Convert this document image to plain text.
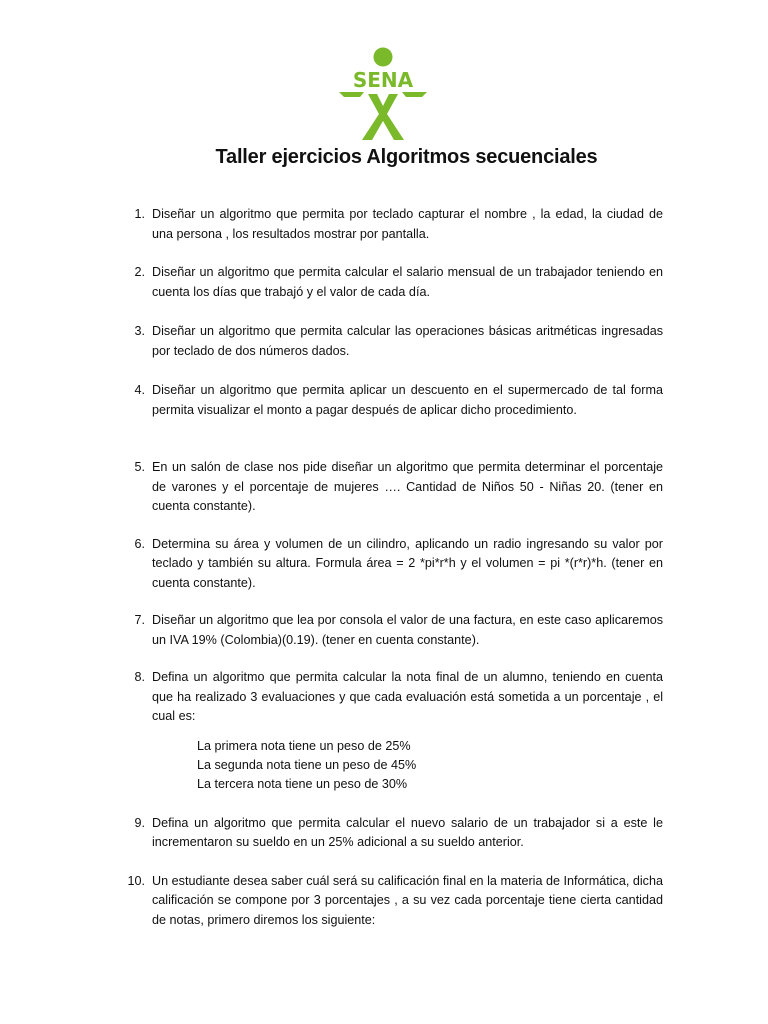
SENA
Taller ejercicios Algoritmos secuenciales
1. Diseñar un algoritmo que permita por teclado capturar el nombre , la edad, la ciudad de una persona , los resultados mostrar por pantalla.
2. Diseñar un algoritmo que permita calcular el salario mensual de un trabajador teniendo en cuenta los días que trabajó y el valor de cada día.
3. Diseñar un algoritmo que permita calcular las operaciones básicas aritméticas ingresadas por teclado de dos números dados.
4. Diseñar un algoritmo que permita aplicar un descuento en el supermercado de tal forma permita visualizar el monto a pagar después de aplicar dicho procedimiento.
5. En un salón de clase nos pide diseñar un algoritmo que permita determinar el porcentaje de varones y el porcentaje de mujeres …. Cantidad de Niños 50 - Niñas 20. (tener en cuenta constante).
6. Determina su área y volumen de un cilindro, aplicando un radio ingresando su valor por teclado y también su altura. Formula área = 2 *pi*r*h y el volumen = pi *(r*r)*h. (tener en cuenta constante).
7. Diseñar un algoritmo que lea por consola el valor de una factura, en este caso aplicaremos un IVA 19% (Colombia)(0.19). (tener en cuenta constante).
8. Defina un algoritmo que permita calcular la nota final de un alumno, teniendo en cuenta que ha realizado 3 evaluaciones y que cada evaluación está sometida a un porcentaje , el cual es:
La primera nota tiene un peso de 25%
La segunda nota tiene un peso de 45%
La tercera nota tiene un peso de 30%
9. Defina un algoritmo que permita calcular el nuevo salario de un trabajador si a este le incrementaron su sueldo en un 25% adicional a su sueldo anterior.
10. Un estudiante desea saber cuál será su calificación final en la materia de Informática, dicha calificación se compone por 3 porcentajes , a su vez cada porcentaje tiene cierta cantidad de notas, primero diremos los siguiente:
